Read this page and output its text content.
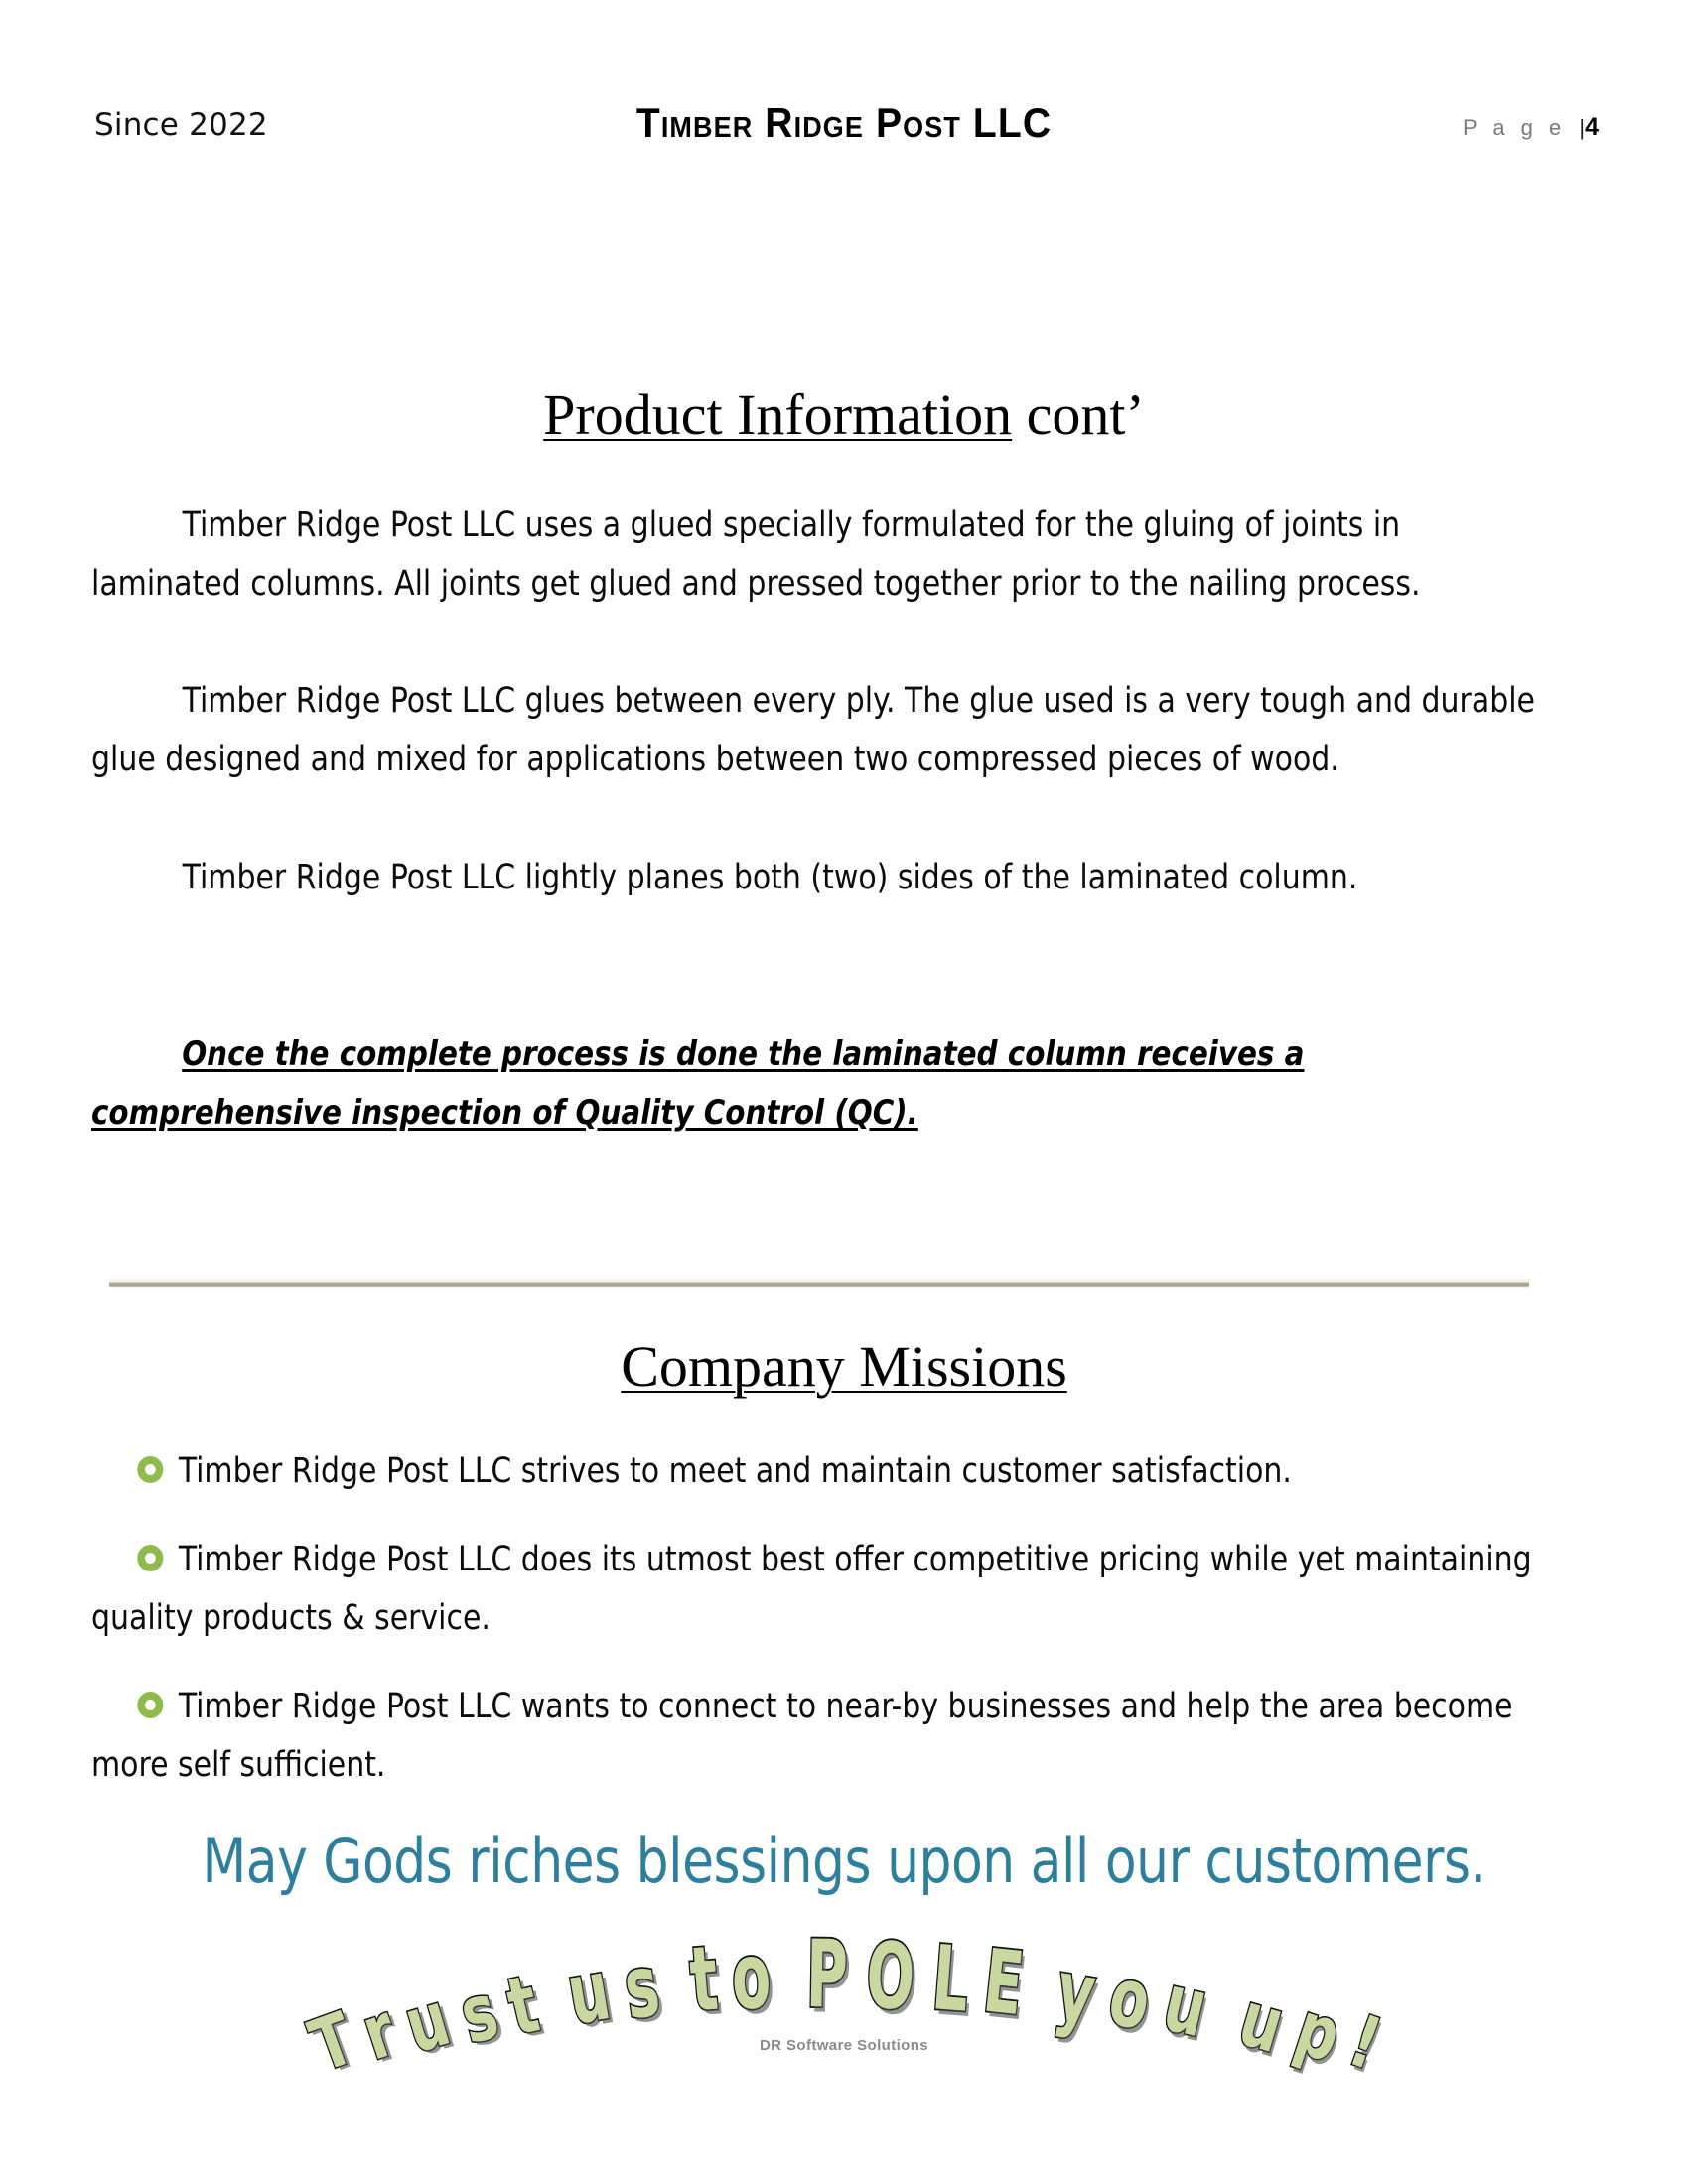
Since 2022	Timber Ridge Post LLC	P a g e |4
Product Information cont’
Timber Ridge Post LLC uses a glued specially formulated for the gluing of joints in laminated columns. All joints get glued and pressed together prior to the nailing process.
Timber Ridge Post LLC glues between every ply. The glue used is a very tough and durable glue designed and mixed for applications between two compressed pieces of wood.
Timber Ridge Post LLC lightly planes both (two) sides of the laminated column.
Once the complete process is done the laminated column receives a comprehensive inspection of Quality Control (QC).
Company Missions
Timber Ridge Post LLC strives to meet and maintain customer satisfaction.
Timber Ridge Post LLC does its utmost best offer competitive pricing while yet maintaining quality products & service.
Timber Ridge Post LLC wants to connect to near-by businesses and help the area become more self sufficient.
May Gods riches blessings upon all our customers.
T
r
u
s
t u s t o P O L E y
o
u u
p
!
DR Software Solutions
